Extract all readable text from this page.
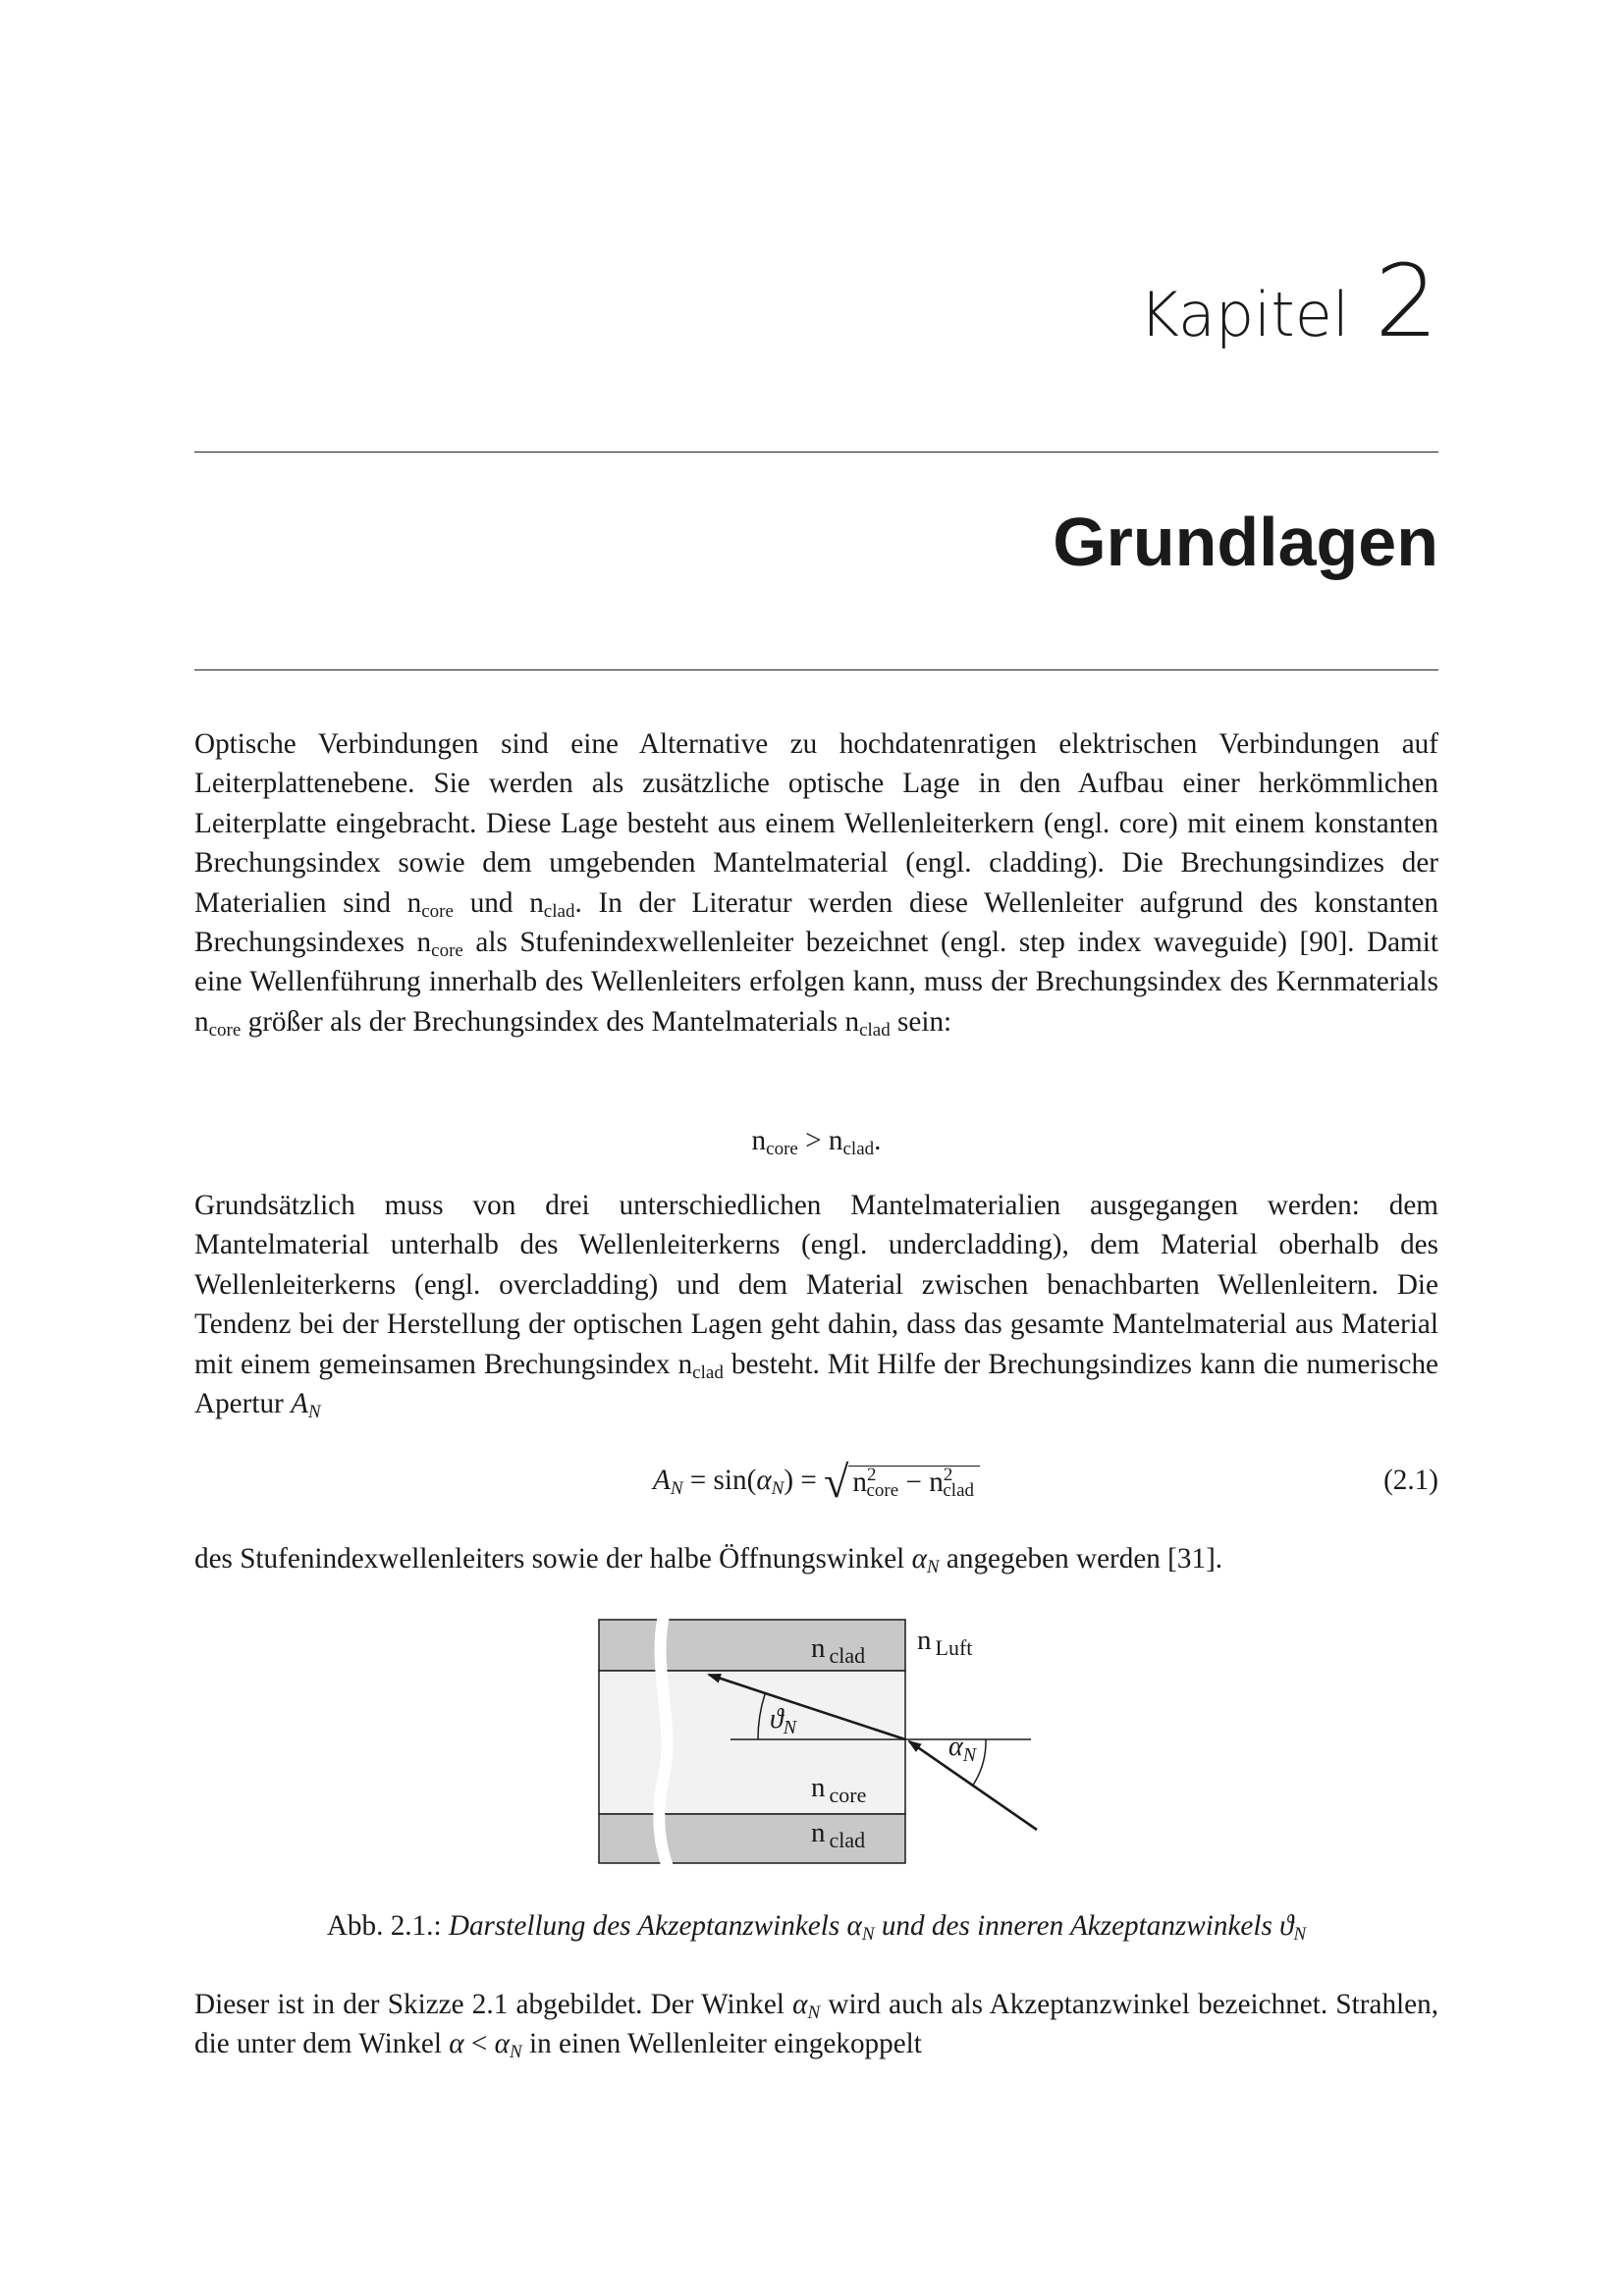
Kapitel 2
Grundlagen

Optische Verbindungen sind eine Alternative zu hochdatenratigen elektrischen Verbindungen auf Leiterplattenebene. Sie werden als zusätzliche optische Lage in den Aufbau einer herkömmlichen Leiterplatte eingebracht. Diese Lage besteht aus einem Wellenleiterkern (engl. core) mit einem konstanten Brechungsindex sowie dem umgebenden Mantelmaterial (engl. cladding). Die Brechungsindizes der Materialien sind $n_{core}$ und $n_{clad}$. In der Literatur werden diese Wellenleiter aufgrund des konstanten Brechungsindexes $n_{core}$ als Stufenindexwellenleiter bezeichnet (engl. step index waveguide) [90]. Damit eine Wellenführung innerhalb des Wellenleiters erfolgen kann, muss der Brechungsindex des Kernmaterials $n_{core}$ größer als der Brechungsindex des Mantelmaterials $n_{clad}$ sein:

$n_{core} > n_{clad}$.

Grundsätzlich muss von drei unterschiedlichen Mantelmaterialien ausgegangen werden: dem Mantelmaterial unterhalb des Wellenleiterkerns (engl. undercladding), dem Material oberhalb des Wellenleiterkerns (engl. overcladding) und dem Material zwischen benachbarten Wellenleitern. Die Tendenz bei der Herstellung der optischen Lagen geht dahin, dass das gesamte Mantelmaterial aus Material mit einem gemeinsamen Brechungsindex $n_{clad}$ besteht. Mit Hilfe der Brechungsindizes kann die numerische Apertur $A_N$

$A_N = \sin(\alpha_N)$ = √ $n^2_{core} - n^2_{clad}$	(2.1)

des Stufenindexwellenleiters sowie der halbe Öffnungswinkel $\alpha_N$ angegeben werden [31].

n $_{clad}$ n $_{Luft}$
$ϑ_N$
$\alpha_N$
n $_{core}$
n $_{clad}$
Abb. 2.1.: Darstellung des Akzeptanzwinkels $\alpha_N$ und des inneren Akzeptanzwinkels $ϑ_N$

Dieser ist in der Skizze 2.1 abgebildet. Der Winkel $\alpha_N$ wird auch als Akzeptanzwinkel bezeichnet. Strahlen, die unter dem Winkel $\alpha < \alpha_N$ in einen Wellenleiter eingekoppelt
